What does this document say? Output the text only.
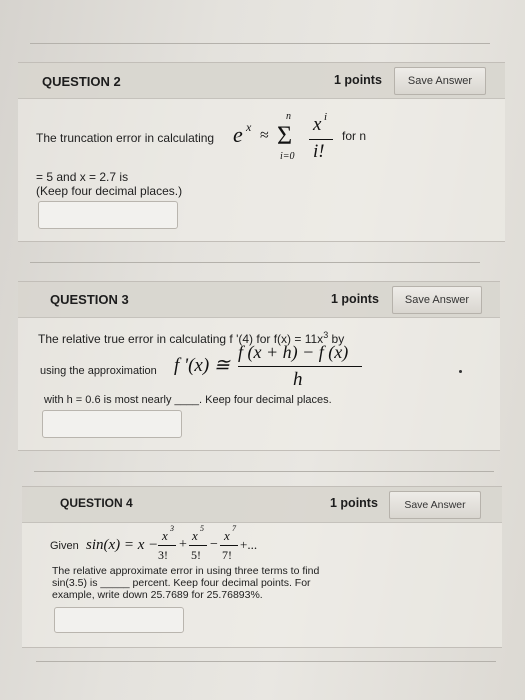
QUESTION 2	1 points	Save Answer
The truncation error in calculating e x ≈ Σ
n
i=0
x i
i!
for n
= 5 and x = 2.7 is
(Keep four decimal places.)
QUESTION 3	1 points	Save Answer
The relative true error in calculating f '(4) for $f(x) = 11x^3$ by
using the approximation f '(x) ≅
f (x + h) − f (x)
h
with h = 0.6 is most nearly ____. Keep four decimal places.
QUESTION 4	1 points	Save Answer
Given sin(x) = x −
x 3
3!
+
x 5
5!
−
x 7
7!
+...
The relative approximate error in using three terms to find
sin(3.5) is _____ percent. Keep four decimal points. For
example, write down 25.7689 for 25.76893%.
